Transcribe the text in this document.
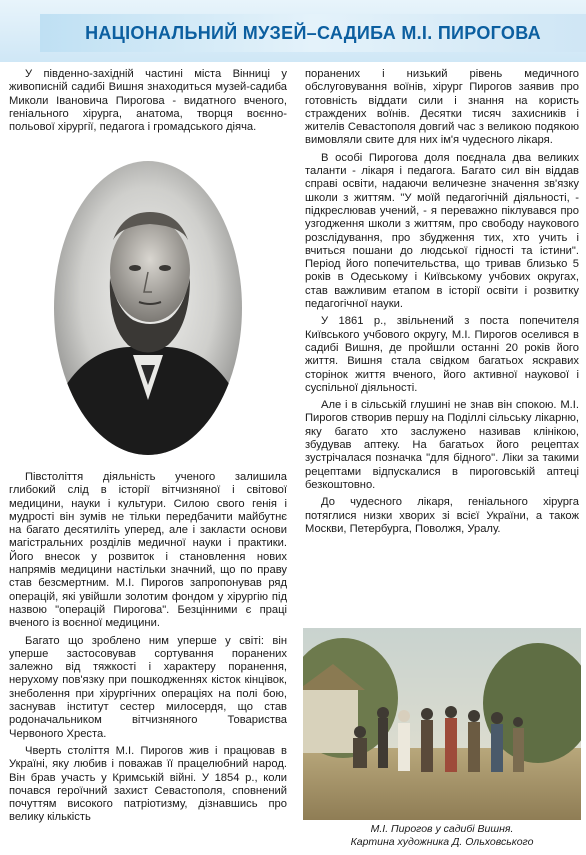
НАЦІОНАЛЬНИЙ МУЗЕЙ–САДИБА М.І. ПИРОГОВА

У південно-західній частині міста Вінниці у живописній садибі Вишня знаходиться музей-садиба Миколи Івановича Пирогова - видатного вченого, геніального хірурга, анатома, творця воєнно-польової хірургії, педагога і громадського діяча.

Півстоліття діяльність ученого залишила глибокий слід в історії вітчизняної і світової медицини, науки і культури. Силою свого генія і мудрості він зумів не тільки передбачити майбутнє на багато десятиліть уперед, але і закласти основи магістральних розділів медичної науки і практики. Його внесок у розвиток і становлення нових напрямів медицини настільки значний, що по праву став безсмертним. М.І. Пирогов запропонував ряд операцій, які увійшли золотим фондом у хірургію під назвою "операцій Пирогова". Безцінними є праці вченого із воєнної медицини.

Багато що зроблено ним уперше у світі: він уперше застосовував сортування поранених залежно від тяжкості і характеру поранення, нерухому пов'язку при пошкодженнях кісток кінцівок, знеболення при хірургічних операціях на полі бою, заснував інститут сестер милосердя, що став родоначальником вітчизняного Товариства Червоного Хреста.

Чверть століття М.І. Пирогов жив і працював в Україні, яку любив і поважав її працелюбний народ. Він брав участь у Кримській війні. У 1854 р., коли почався героїчний захист Севастополя, сповнений почуттям високого патріотизму, дізнавшись про велику кількість

поранених і низький рівень медичного обслуговування воїнів, хірург Пирогов заявив про готовність віддати сили і знання на користь страждених воїнів. Десятки тисяч захисників і жителів Севастополя довгий час з великою подякою вимовляли свите для них ім'я чудесного лікаря.

В особі Пирогова доля поєднала два великих таланти - лікаря і педагога. Багато сил він віддав справі освіти, надаючи величезне значення зв'язку школи з життям. "У моїй педагогічній діяльності, - підкреслював учений, - я переважно піклувався про узгодження школи з життям, про свободу наукового розслідування, про збудження тих, хто учить і вчиться пошани до людської гідності та істини". Період його попечительства, що тривав близько 5 років в Одеському і Київському учбових округах, став важливим етапом в історії освіти і розвитку педагогічної науки.

У 1861 р., звільнений з поста попечителя Київського учбового округу, М.І. Пирогов оселився в садибі Вишня, де пройшли останні 20 років його життя. Вишня стала свідком багатьох яскравих сторінок життя вченого, його активної наукової і суспільної діяльності.

Але і в сільській глушині не знав він спокою. М.І. Пирогов створив першу на Поділлі сільську лікарню, яку багато хто заслужено називав клінікою, збудував аптеку. На багатьох його рецептах зустрічалася позначка "для бідного". Ліки за такими рецептами відпускалися в пироговській аптеці безкоштовно.

До чудесного лікаря, геніального хірурга потяглися низки хворих зі всієї України, а також Москви, Петербурга, Поволжя, Уралу.

М.І. Пирогов у садибі Вишня.
Картина художника Д. Ольховського
